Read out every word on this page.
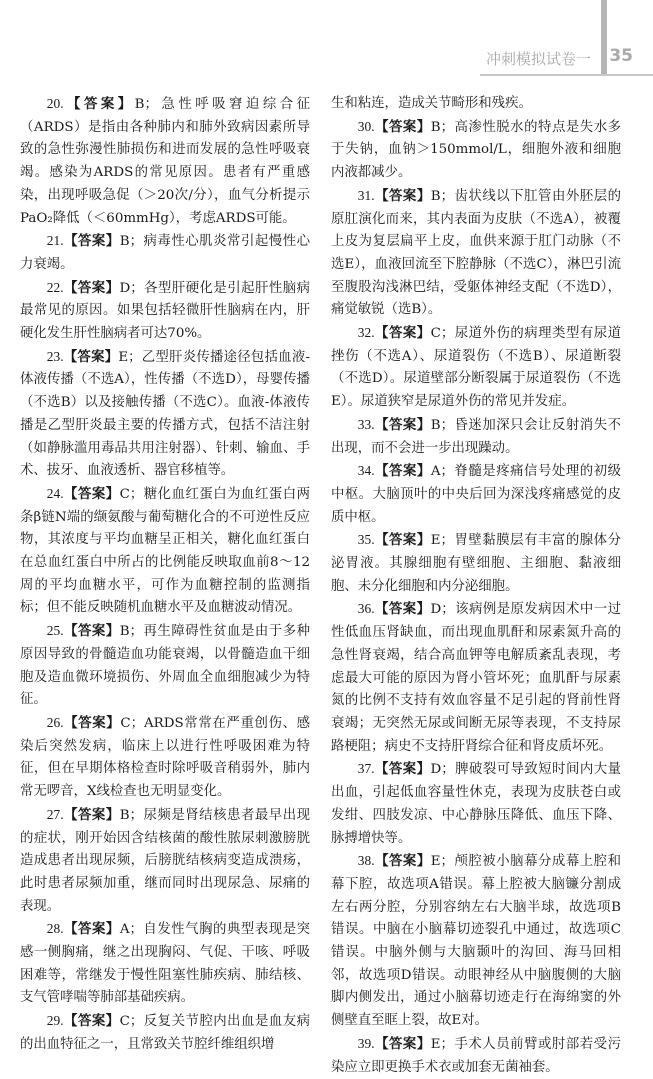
冲刺模拟试卷一 35

20.【答案】B；急性呼吸窘迫综合征（ARDS）是指由各种肺内和肺外致病因素所导致的急性弥漫性肺损伤和进而发展的急性呼吸衰竭。感染为ARDS的常见原因。患者有严重感染，出现呼吸急促（＞20次/分），血气分析提示PaO₂降低（＜60mmHg），考虑ARDS可能。

21.【答案】B；病毒性心肌炎常引起慢性心力衰竭。

22.【答案】D；各型肝硬化是引起肝性脑病最常见的原因。如果包括轻微肝性脑病在内，肝硬化发生肝性脑病者可达70%。

23.【答案】E；乙型肝炎传播途径包括血液-体液传播（不选A），性传播（不选D），母婴传播（不选B）以及接触传播（不选C）。血液-体液传播是乙型肝炎最主要的传播方式，包括不洁注射（如静脉滥用毒品共用注射器）、针刺、输血、手术、拔牙、血液透析、器官移植等。

24.【答案】C；糖化血红蛋白为血红蛋白两条β链N端的缬氨酸与葡萄糖化合的不可逆性反应物，其浓度与平均血糖呈正相关，糖化血红蛋白在总血红蛋白中所占的比例能反映取血前8～12周的平均血糖水平，可作为血糖控制的监测指标；但不能反映随机血糖水平及血糖波动情况。

25.【答案】B；再生障碍性贫血是由于多种原因导致的骨髓造血功能衰竭，以骨髓造血干细胞及造血微环境损伤、外周血全血细胞减少为特征。

26.【答案】C；ARDS常常在严重创伤、感染后突然发病，临床上以进行性呼吸困难为特征，但在早期体格检查时除呼吸音稍弱外，肺内常无啰音，X线检查也无明显变化。

27.【答案】B；尿频是肾结核患者最早出现的症状，刚开始因含结核菌的酸性脓尿刺激膀胱造成患者出现尿频，后膀胱结核病变造成溃疡，此时患者尿频加重，继而同时出现尿急、尿痛的表现。

28.【答案】A；自发性气胸的典型表现是突感一侧胸痛，继之出现胸闷、气促、干咳、呼吸困难等，常继发于慢性阻塞性肺疾病、肺结核、支气管哮喘等肺部基础疾病。

29.【答案】C；反复关节腔内出血是血友病的出血特征之一，且常致关节腔纤维组织增

生和粘连，造成关节畸形和残疾。

30.【答案】B；高渗性脱水的特点是失水多于失钠，血钠＞150mmol/L，细胞外液和细胞内液都减少。

31.【答案】B；齿状线以下肛管由外胚层的原肛演化而来，其内表面为皮肤（不选A），被覆上皮为复层扁平上皮，血供来源于肛门动脉（不选E），血液回流至下腔静脉（不选C），淋巴引流至腹股沟浅淋巴结，受躯体神经支配（不选D），痛觉敏锐（选B）。

32.【答案】C；尿道外伤的病理类型有尿道挫伤（不选A）、尿道裂伤（不选B）、尿道断裂（不选D）。尿道壁部分断裂属于尿道裂伤（不选E）。尿道狭窄是尿道外伤的常见并发症。

33.【答案】B；昏迷加深只会让反射消失不出现，而不会进一步出现躁动。

34.【答案】A；脊髓是疼痛信号处理的初级中枢。大脑顶叶的中央后回为深浅疼痛感觉的皮质中枢。

35.【答案】E；胃壁黏膜层有丰富的腺体分泌胃液。其腺细胞有壁细胞、主细胞、黏液细胞、未分化细胞和内分泌细胞。

36.【答案】D；该病例是原发病因术中一过性低血压肾缺血，而出现血肌酐和尿素氮升高的急性肾衰竭，结合高血钾等电解质紊乱表现，考虑最大可能的原因为肾小管坏死；血肌酐与尿素氮的比例不支持有效血容量不足引起的肾前性肾衰竭；无突然无尿或间断无尿等表现，不支持尿路梗阻；病史不支持肝肾综合征和肾皮质坏死。

37.【答案】D；脾破裂可导致短时间内大量出血，引起低血容量性休克，表现为皮肤苍白或发绀、四肢发凉、中心静脉压降低、血压下降、脉搏增快等。

38.【答案】E；颅腔被小脑幕分成幕上腔和幕下腔，故选项A错误。幕上腔被大脑镰分割成左右两分腔，分别容纳左右大脑半球，故选项B错误。中脑在小脑幕切迹裂孔中通过，故选项C错误。中脑外侧与大脑颞叶的沟回、海马回相邻，故选项D错误。动眼神经从中脑腹侧的大脑脚内侧发出，通过小脑幕切迹走行在海绵窦的外侧壁直至眶上裂，故E对。

39.【答案】E；手术人员前臂或肘部若受污染应立即更换手术衣或加套无菌袖套。
